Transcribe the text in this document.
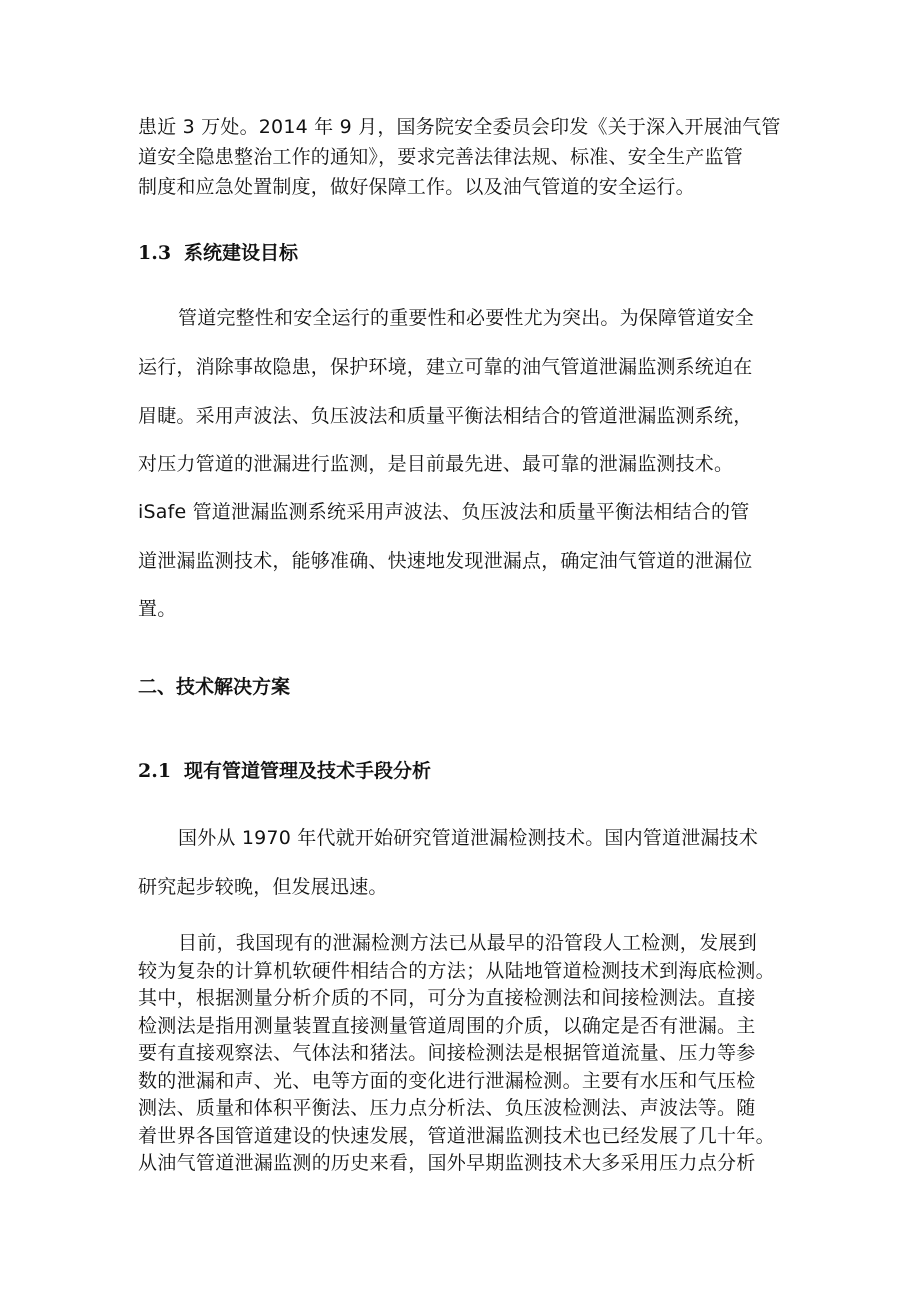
患近 3 万处。2014 年 9 月，国务院安全委员会印发《关于深入开展油气管
道安全隐患整治工作的通知》，要求完善法律法规、标准、安全生产监管
制度和应急处置制度，做好保障工作。以及油气管道的安全运行。
1.3 系统建设目标
管道完整性和安全运行的重要性和必要性尤为突出。为保障管道安全
运行，消除事故隐患，保护环境，建立可靠的油气管道泄漏监测系统迫在
眉睫。采用声波法、负压波法和质量平衡法相结合的管道泄漏监测系统，
对压力管道的泄漏进行监测，是目前最先进、最可靠的泄漏监测技术。
iSafe 管道泄漏监测系统采用声波法、负压波法和质量平衡法相结合的管
道泄漏监测技术，能够准确、快速地发现泄漏点，确定油气管道的泄漏位
置。
二、技术解决方案
2.1 现有管道管理及技术手段分析
国外从 1970 年代就开始研究管道泄漏检测技术。国内管道泄漏技术
研究起步较晚，但发展迅速。
目前，我国现有的泄漏检测方法已从最早的沿管段人工检测，发展到
较为复杂的计算机软硬件相结合的方法；从陆地管道检测技术到海底检测。
其中，根据测量分析介质的不同，可分为直接检测法和间接检测法。直接
检测法是指用测量装置直接测量管道周围的介质，以确定是否有泄漏。主
要有直接观察法、气体法和猪法。间接检测法是根据管道流量、压力等参
数的泄漏和声、光、电等方面的变化进行泄漏检测。主要有水压和气压检
测法、质量和体积平衡法、压力点分析法、负压波检测法、声波法等。随
着世界各国管道建设的快速发展，管道泄漏监测技术也已经发展了几十年。
从油气管道泄漏监测的历史来看，国外早期监测技术大多采用压力点分析
